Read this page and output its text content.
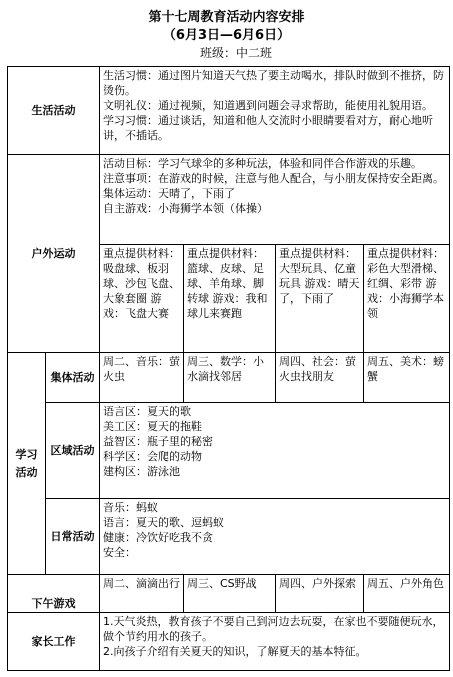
第十七周教育活动内容安排
（6月3日—6月6日）
班级：中二班
生活活动		生活习惯：通过图片知道天气热了要主动喝水，排队时做到不推挤，防烫伤。
文明礼仪：通过视频，知道遇到问题会寻求帮助，能使用礼貌用语。
学习习惯：通过谈话，知道和他人交流时小眼睛要看对方，耐心地听讲，不插话。			

户外运动		活动目标：学习气球伞的多种玩法，体验和同伴合作游戏的乐趣。
注意事项：在游戏的时候，注意与他人配合，与小朋友保持安全距离。
集体运动：天晴了，下雨了
自主游戏：小海狮学本领（体操）			

		重点提供材料：吸盘球、板羽球、沙包飞盘、大象套圈 游戏：飞盘大赛	重点提供材料：篮球、皮球、足球、羊角球、脚转球 游戏：我和球儿来赛跑	重点提供材料：大型玩具、亿童玩具 游戏：晴天了，下雨了	重点提供材料：彩色大型滑梯、红绸、彩带 游戏：小海狮学本领
学习活动	集体活动	周二、音乐：萤火虫	周三、数学：小水滴找邻居	周四、社会：萤火虫找朋友	周五、美术：螃蟹
	区域活动	语言区：夏天的歌
美工区：夏天的拖鞋
益智区：瓶子里的秘密
科学区：会爬的动物
建构区：游泳池			

	日常活动	音乐：蚂蚁
语言：夏天的歌、逗蚂蚁
健康：冷饮好吃我不贪
安全：			

下午游戏		周二、滴滴出行	周三、CS野战	周四、户外探索	周五、户外角色
家长工作		1.天气炎热，教育孩子不要自己到河边去玩耍，在家也不要随便玩水，做个节约用水的孩子。
2.向孩子介绍有关夏天的知识，了解夏天的基本特征。			
